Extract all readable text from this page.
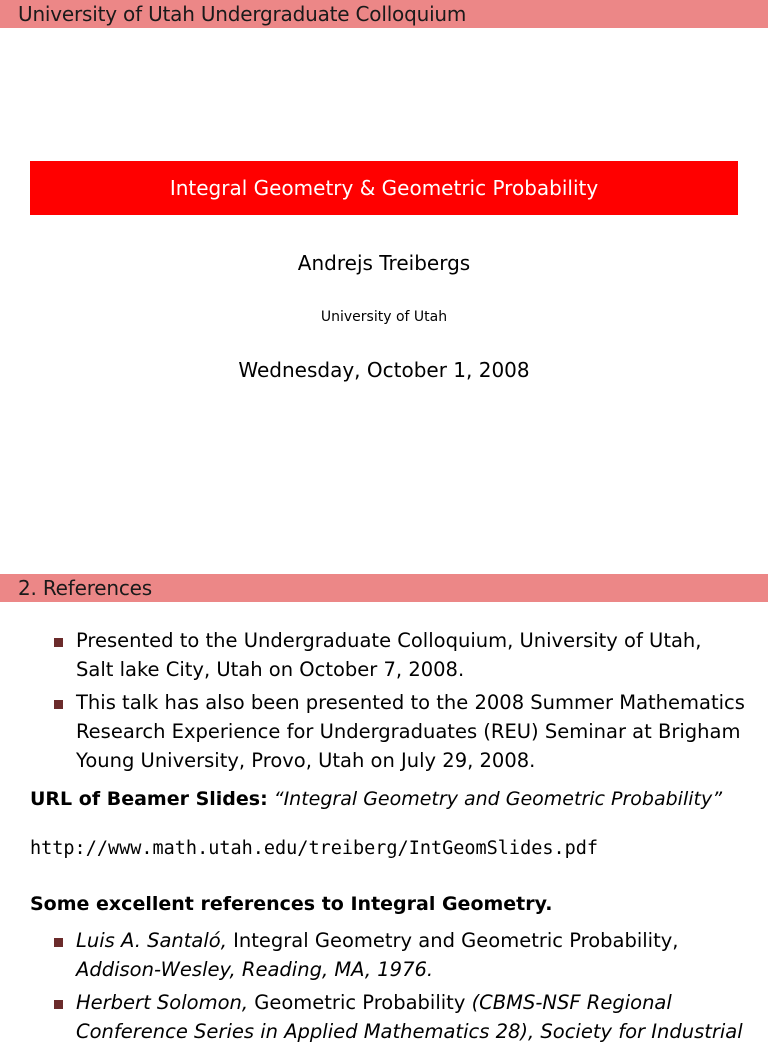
University of Utah Undergraduate Colloquium
Integral Geometry & Geometric Probability
Andrejs Treibergs
University of Utah
Wednesday, October 1, 2008
2. References
Presented to the Undergraduate Colloquium, University of Utah,
Salt lake City, Utah on October 7, 2008.
This talk has also been presented to the 2008 Summer Mathematics
Research Experience for Undergraduates (REU) Seminar at Brigham
Young University, Provo, Utah on July 29, 2008.
URL of Beamer Slides: “Integral Geometry and Geometric Probability”
http://www.math.utah.edu/treiberg/IntGeomSlides.pdf
Some excellent references to Integral Geometry.
Luis A. Santaló, Integral Geometry and Geometric Probability,
Addison-Wesley, Reading, MA, 1976.
Herbert Solomon, Geometric Probability (CBMS-NSF Regional
Conference Series in Applied Mathematics 28), Society for Industrial
